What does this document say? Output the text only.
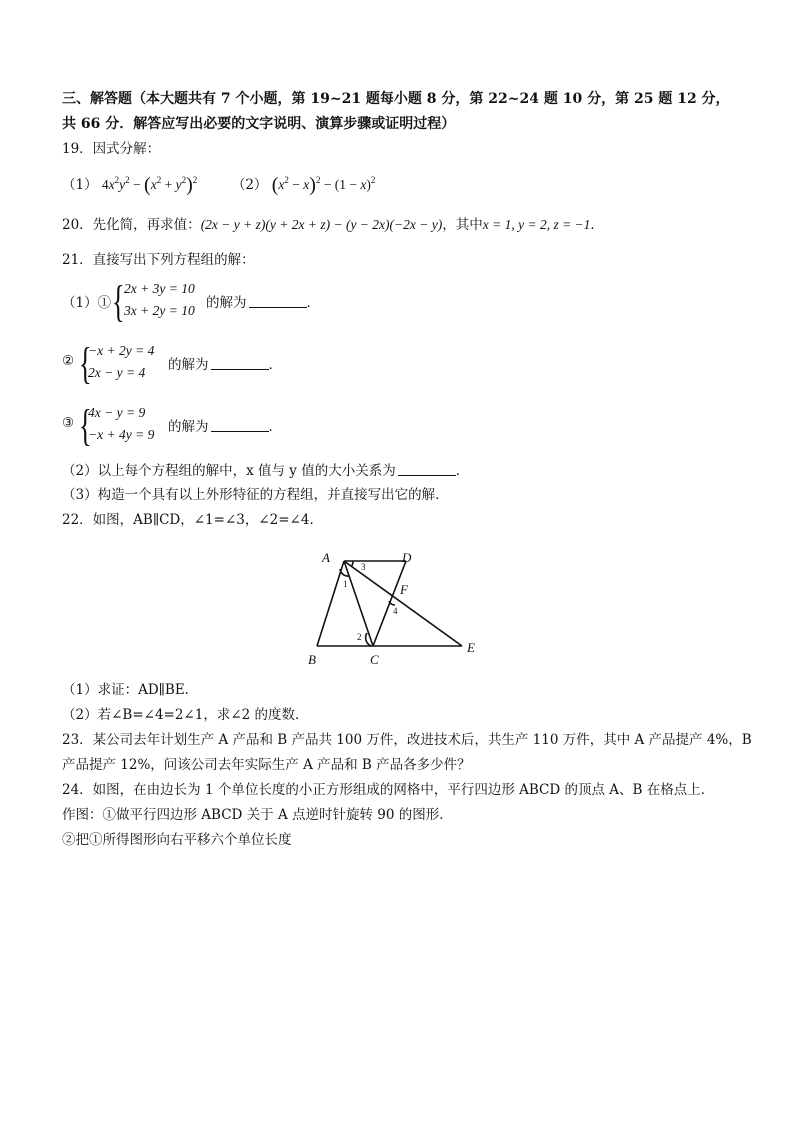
三、解答题（本大题共有 7 个小题，第 19~21 题每小题 8 分，第 22~24 题 10 分，第 25 题 12 分，
共 66 分．解答应写出必要的文字说明、演算步骤或证明过程）
19．因式分解：
（1） $4x^2y^2 - (x^2 + y^2)^2$	（2） $(x^2 - x)^2 - (1 - x)^2$
20．先化简，再求值：(2x − y + z)(y + 2x + z) − (y − 2x)(−2x − y)，其中x = 1, y = 2, z = −1．
21．直接写出下列方程组的解：
（1）① { 2x + 3y = 10
3x + 2y = 10 的解为	．
② {
−x + 2y = 4
2x − y = 4	的解为	．
③ {
4x − y = 9
−x + 4y = 9 的解为	．
（2）以上每个方程组的解中，x 值与 y 值的大小关系为	．
（3）构造一个具有以上外形特征的方程组，并直接写出它的解．
22．如图，AB∥CD，∠1=∠3，∠2=∠4．
A	D
F
B	C
E
1
2
3
4
（1）求证：AD∥BE．
（2）若∠B=∠4=2∠1，求∠2 的度数．
23．某公司去年计划生产 A 产品和 B 产品共 100 万件，改进技术后，共生产 110 万件，其中 A 产品提产 4%，B
产品提产 12%，问该公司去年实际生产 A 产品和 B 产品各多少件？
24．如图，在由边长为 1 个单位长度的小正方形组成的网格中，平行四边形 ABCD 的顶点 A、B 在格点上．
作图：①做平行四边形 ABCD 关于 A 点逆时针旋转 90 的图形．
②把①所得图形向右平移六个单位长度
